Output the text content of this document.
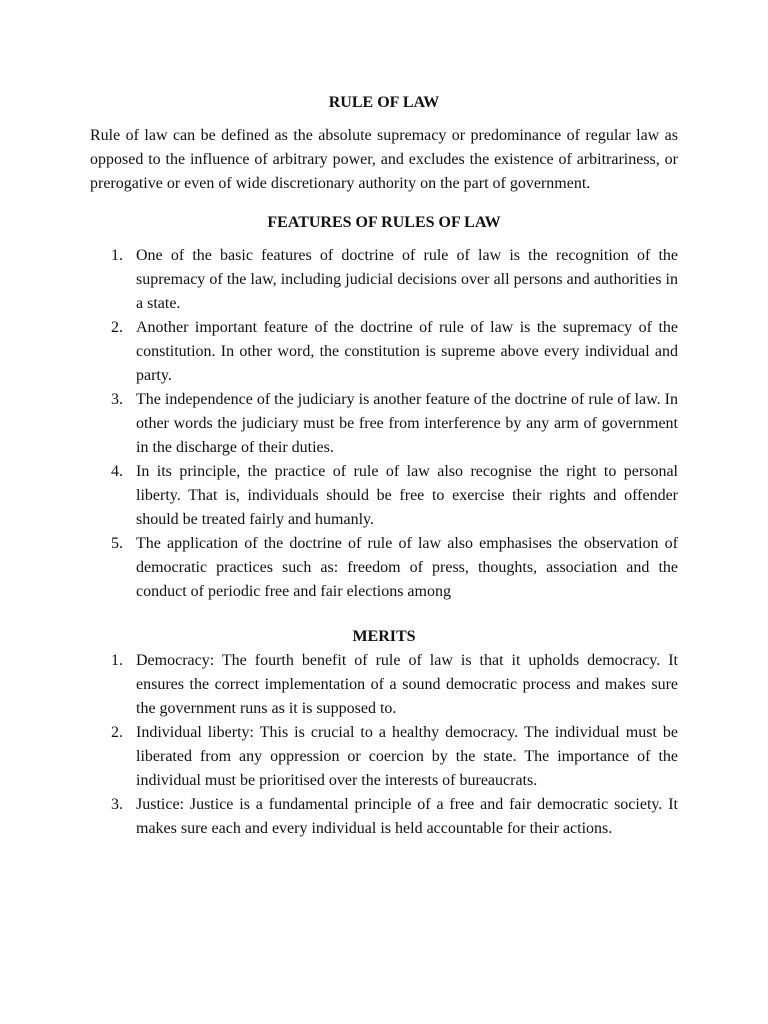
RULE OF LAW

Rule of law can be defined as the absolute supremacy or predominance of regular law as opposed to the influence of arbitrary power, and excludes the existence of arbitrariness, or prerogative or even of wide discretionary authority on the part of government.

FEATURES OF RULES OF LAW
1. One of the basic features of doctrine of rule of law is the recognition of the supremacy of the law, including judicial decisions over all persons and authorities in a state.
2. Another important feature of the doctrine of rule of law is the supremacy of the constitution. In other word, the constitution is supreme above every individual and party.
3. The independence of the judiciary is another feature of the doctrine of rule of law. In other words the judiciary must be free from interference by any arm of government in the discharge of their duties.
4. In its principle, the practice of rule of law also recognise the right to personal liberty. That is, individuals should be free to exercise their rights and offender should be treated fairly and humanly.
5. The application of the doctrine of rule of law also emphasises the observation of democratic practices such as: freedom of press, thoughts, association and the conduct of periodic free and fair elections among
MERITS
1. Democracy: The fourth benefit of rule of law is that it upholds democracy. It ensures the correct implementation of a sound democratic process and makes sure the government runs as it is supposed to.
2. Individual liberty: This is crucial to a healthy democracy. The individual must be liberated from any oppression or coercion by the state. The importance of the individual must be prioritised over the interests of bureaucrats.
3. Justice: Justice is a fundamental principle of a free and fair democratic society. It makes sure each and every individual is held accountable for their actions.
